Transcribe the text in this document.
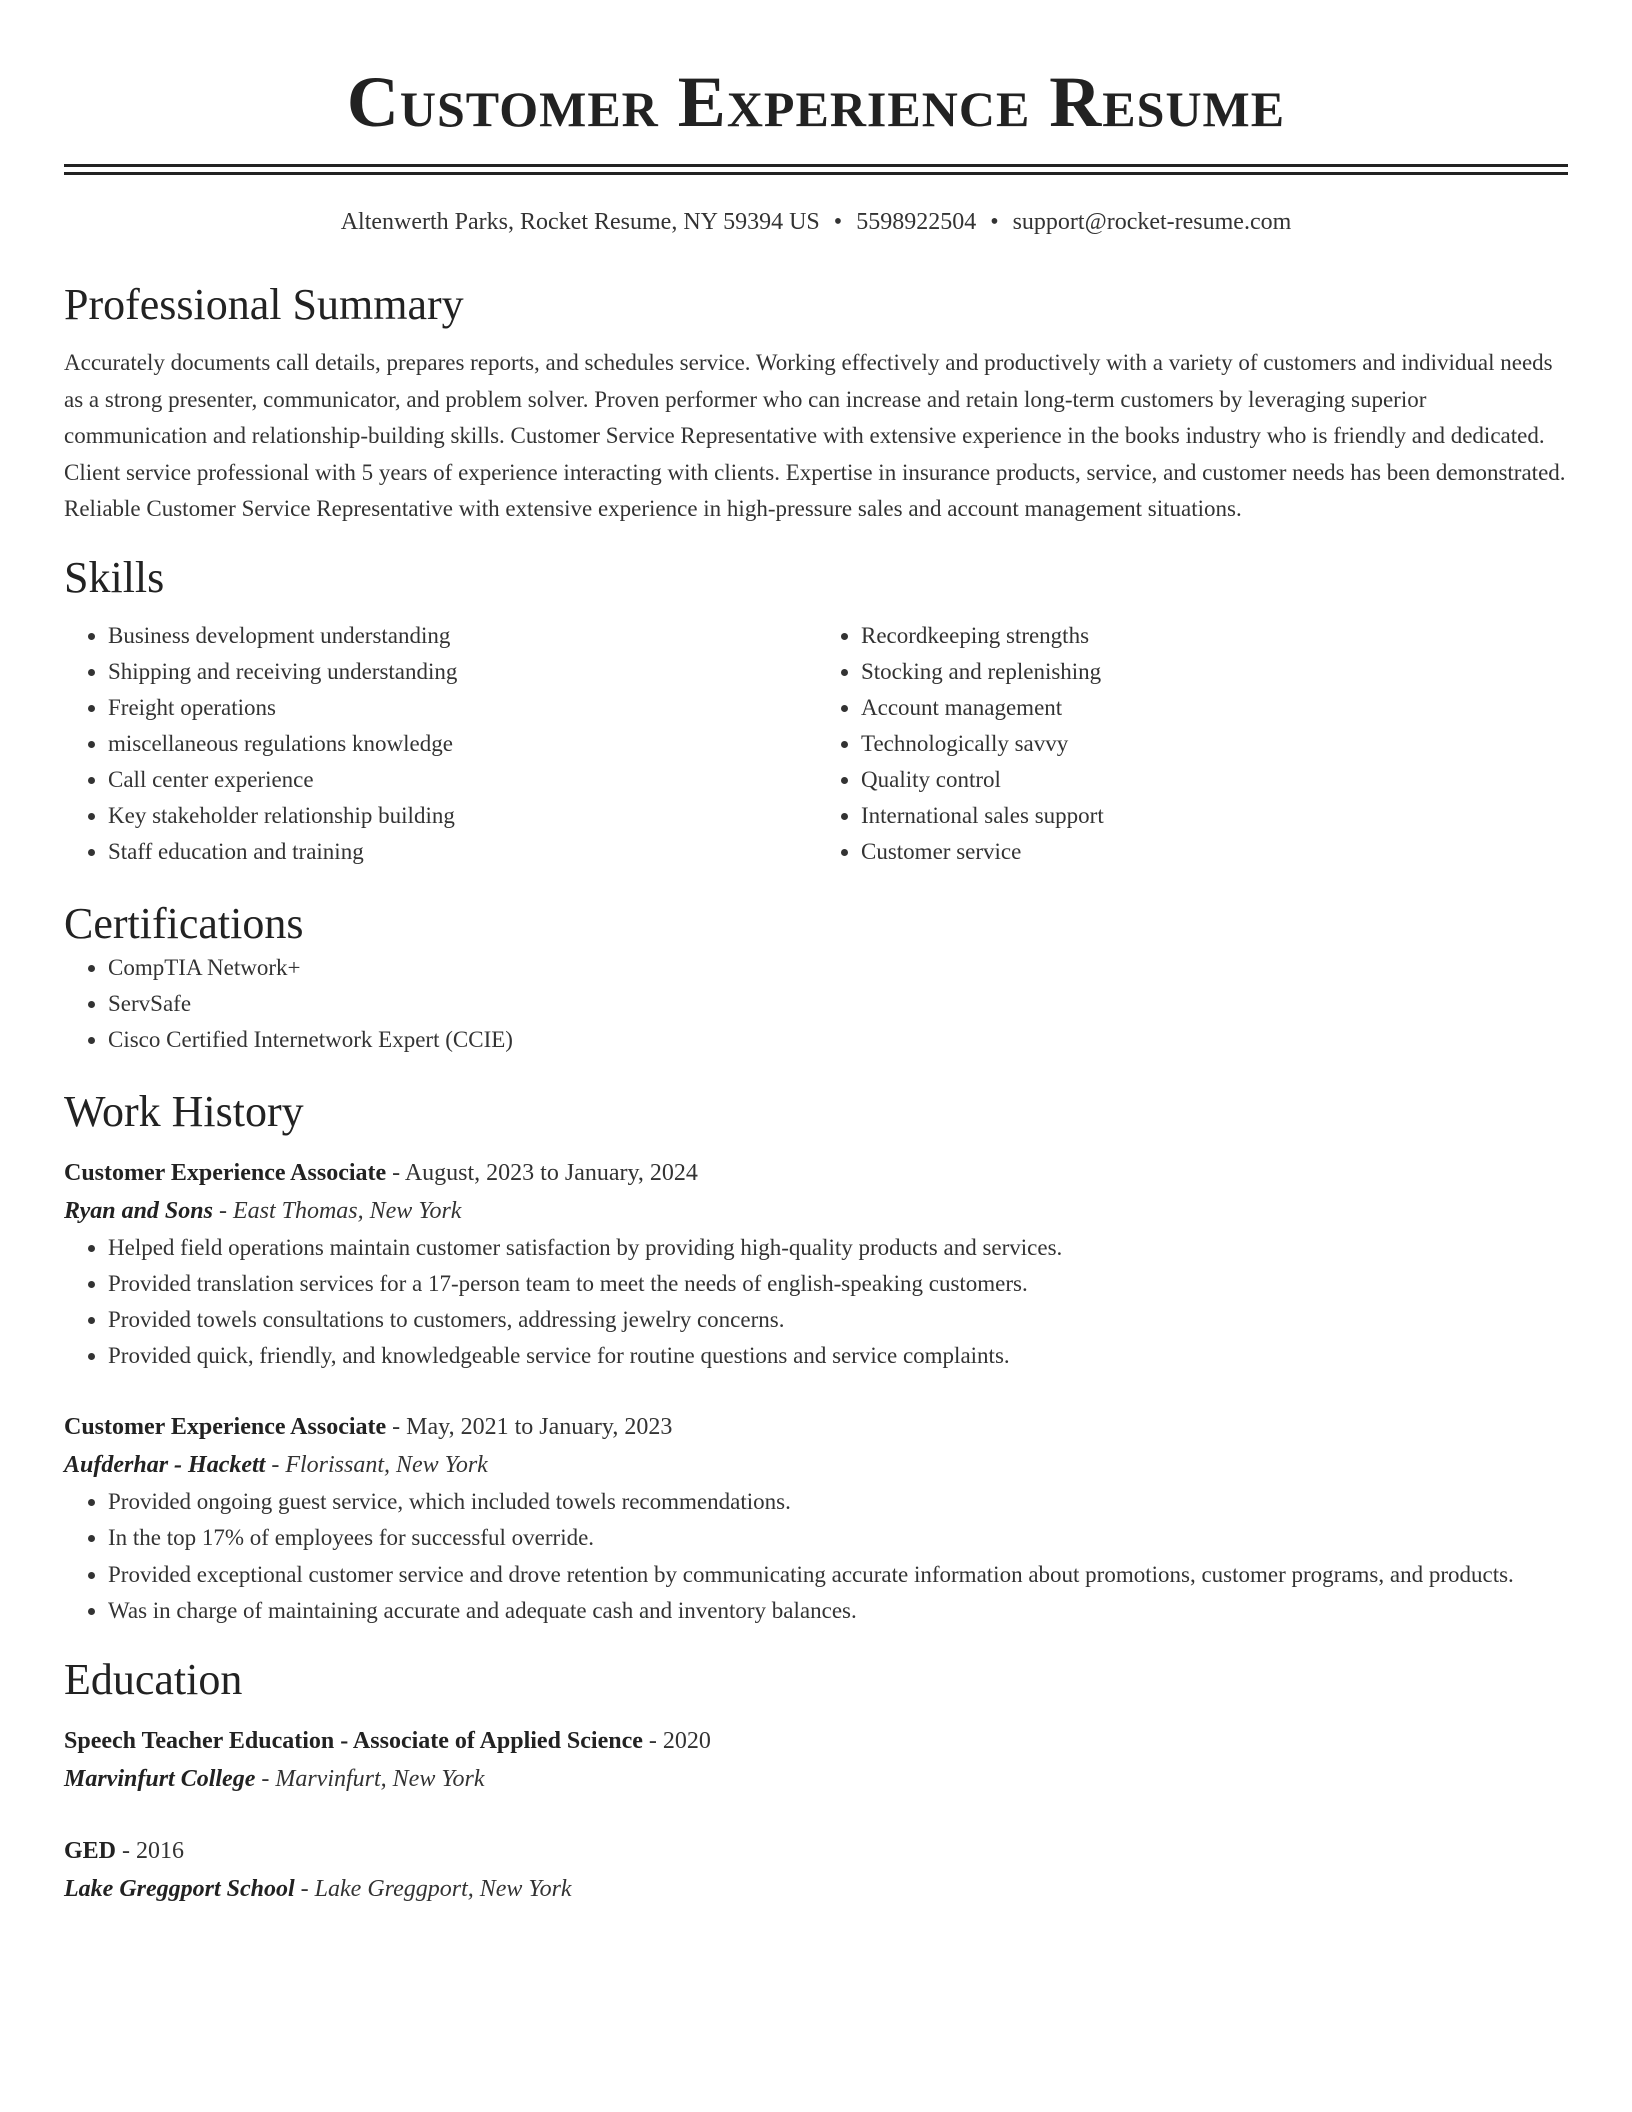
Customer Experience Resume
Altenwerth Parks, Rocket Resume, NY 59394 US • 5598922504 • support@rocket-resume.com
Professional Summary

Accurately documents call details, prepares reports, and schedules service. Working effectively and productively with a variety of customers and individual needs as a strong presenter, communicator, and problem solver. Proven performer who can increase and retain long-term customers by leveraging superior communication and relationship-building skills. Customer Service Representative with extensive experience in the books industry who is friendly and dedicated. Client service professional with 5 years of experience interacting with clients. Expertise in insurance products, service, and customer needs has been demonstrated. Reliable Customer Service Representative with extensive experience in high-pressure sales and account management situations.

Skills
• Business development understanding
• Shipping and receiving understanding
• Freight operations
• miscellaneous regulations knowledge
• Call center experience
• Key stakeholder relationship building
• Staff education and training
• Recordkeeping strengths
• Stocking and replenishing
• Account management
• Technologically savvy
• Quality control
• International sales support
• Customer service
Certifications
• CompTIA Network+
• ServSafe
• Cisco Certified Internetwork Expert (CCIE)
Work History
Customer Experience Associate - August, 2023 to January, 2024
Ryan and Sons - East Thomas, New York
• Helped field operations maintain customer satisfaction by providing high-quality products and services.
• Provided translation services for a 17-person team to meet the needs of english-speaking customers.
• Provided towels consultations to customers, addressing jewelry concerns.
• Provided quick, friendly, and knowledgeable service for routine questions and service complaints.
Customer Experience Associate - May, 2021 to January, 2023
Aufderhar - Hackett - Florissant, New York
• Provided ongoing guest service, which included towels recommendations.
• In the top 17% of employees for successful override.
• Provided exceptional customer service and drove retention by communicating accurate information about promotions, customer programs, and products.
• Was in charge of maintaining accurate and adequate cash and inventory balances.
Education
Speech Teacher Education - Associate of Applied Science - 2020
Marvinfurt College - Marvinfurt, New York
GED - 2016
Lake Greggport School - Lake Greggport, New York
